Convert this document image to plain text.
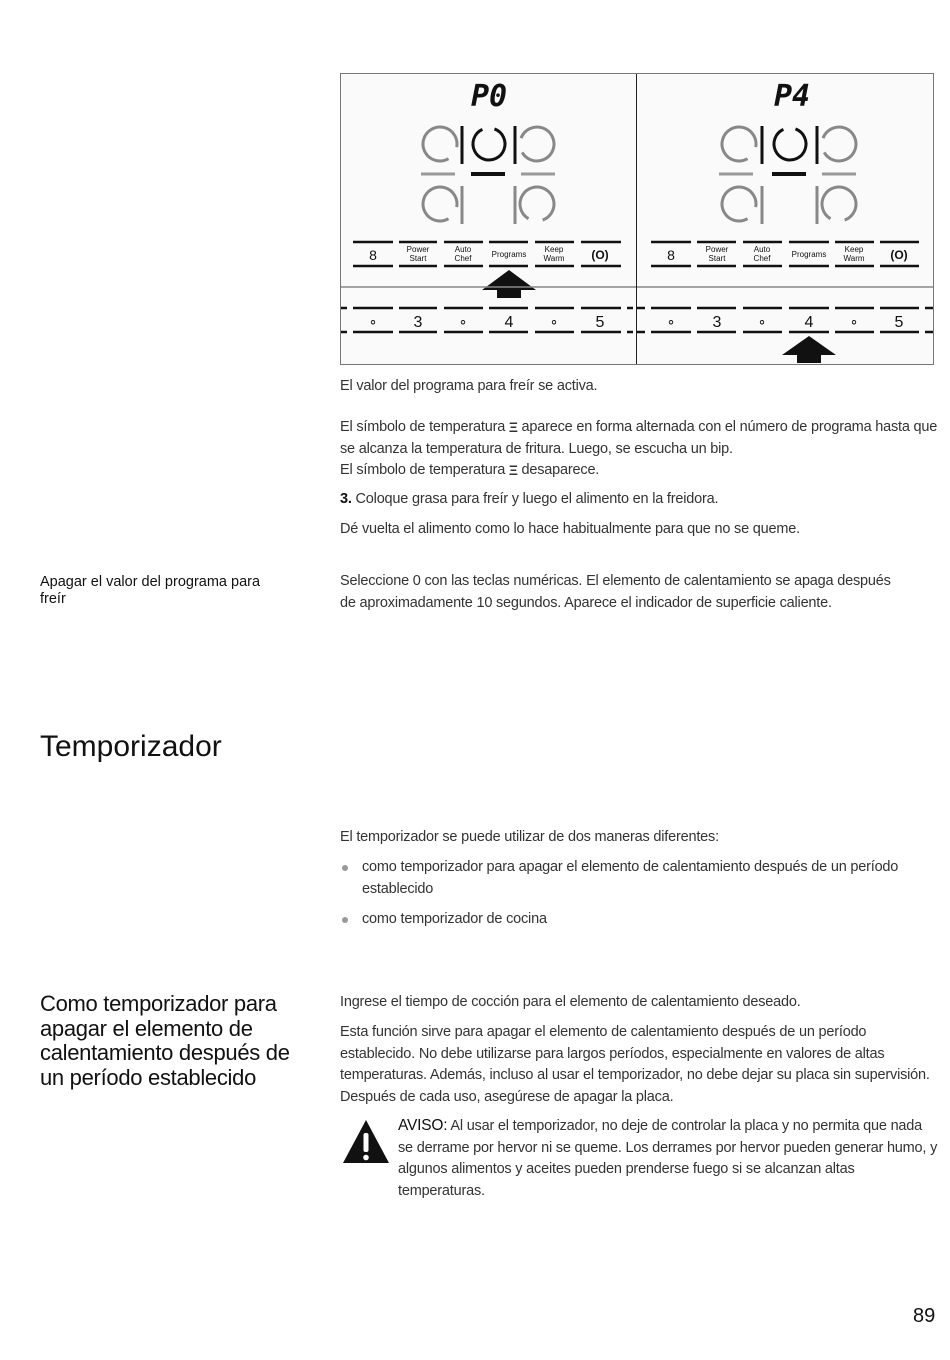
P0
8	Power
Start
Auto
Chef	Programs
Keep
Warm (O)
∘ 3	∘ 4	∘ 5
P4
8	Power
Start
Auto
Chef	Programs
Keep
Warm (O)
∘ 3	∘ 4	∘ 5
El valor del programa para freír se activa.
El símbolo de temperatura Ξ aparece en forma alternada con el número de programa hasta que se alcanza la temperatura de fritura. Luego, se escucha un bip.
El símbolo de temperatura Ξ desaparece.
3. Coloque grasa para freír y luego el alimento en la freidora.
Dé vuelta el alimento como lo hace habitualmente para que no se queme.
Apagar el valor del programa para freír
Seleccione 0 con las teclas numéricas. El elemento de calentamiento se apaga después de aproximadamente 10 segundos. Aparece el indicador de superficie caliente.
Temporizador
El temporizador se puede utilizar de dos maneras diferentes:
como temporizador para apagar el elemento de calentamiento después de un período establecido
como temporizador de cocina
Como temporizador para apagar el elemento de calentamiento después de un período establecido
Ingrese el tiempo de cocción para el elemento de calentamiento deseado.
Esta función sirve para apagar el elemento de calentamiento después de un período establecido. No debe utilizarse para largos períodos, especialmente en valores de altas temperaturas. Además, incluso al usar el temporizador, no debe dejar su placa sin supervisión. Después de cada uso, asegúrese de apagar la placa.
AVISO: Al usar el temporizador, no deje de controlar la placa y no permita que nada se derrame por hervor ni se queme. Los derrames por hervor pueden generar humo, y algunos alimentos y aceites pueden prenderse fuego si se alcanzan altas temperaturas.
89
